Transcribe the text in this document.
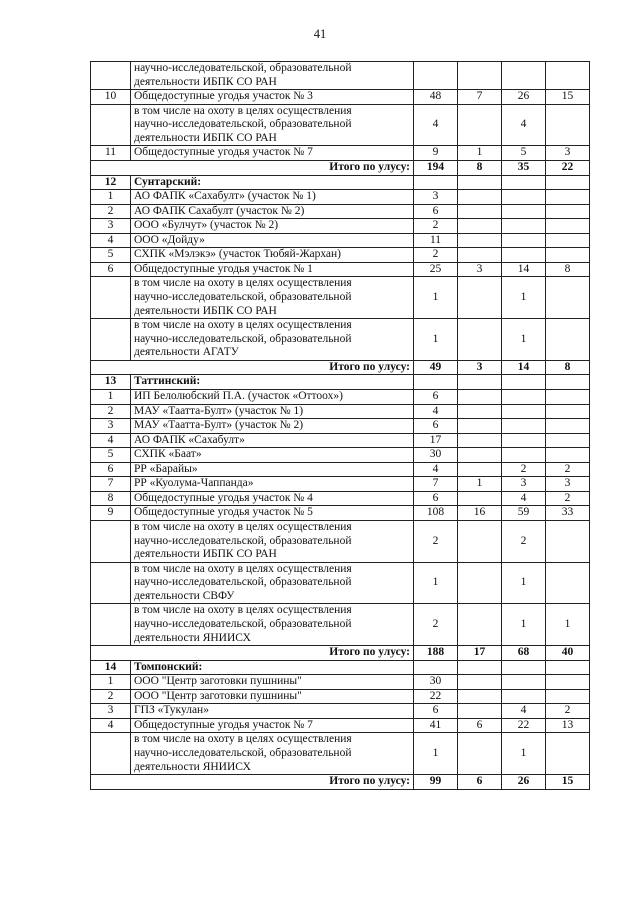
41
	научно-исследовательской, образовательной
деятельности ИБПК СО РАН				
10	Общедоступные угодья участок № 3	48	7	26	15
	в том числе на охоту в целях осуществления
научно-исследовательской, образовательной
деятельности ИБПК СО РАН	4		4	
11	Общедоступные угодья участок № 7	9	1	5	3
Итого по улусу:		194	8	35	22
12	Сунтарский:				
1	АО ФАПК «Сахабулт» (участок № 1)	3			
2	АО ФАПК Сахабулт (участок № 2)	6			
3	ООО «Булчут» (участок № 2)	2			
4	ООО «Дойду»	11			
5	СХПК «Мэлэкэ» (участок Тюбяй-Жархан)	2			
6	Общедоступные угодья участок № 1	25	3	14	8
	в том числе на охоту в целях осуществления
научно-исследовательской, образовательной
деятельности ИБПК СО РАН	1		1	
	в том числе на охоту в целях осуществления
научно-исследовательской, образовательной
деятельности АГАТУ	1		1	
Итого по улусу:		49	3	14	8
13	Таттинский:				
1	ИП Белолюбский П.А. (участок «Оттоох»)	6			
2	МАУ «Таатта-Булт» (участок № 1)	4			
3	МАУ «Таатта-Булт» (участок № 2)	6			
4	АО ФАПК «Сахабулт»	17			
5	СХПК «Баат»	30			
6	РР «Барайы»	4		2	2
7	РР «Куолума-Чаппанда»	7	1	3	3
8	Общедоступные угодья участок № 4	6		4	2
9	Общедоступные угодья участок № 5	108	16	59	33
	в том числе на охоту в целях осуществления
научно-исследовательской, образовательной
деятельности ИБПК СО РАН	2		2	
	в том числе на охоту в целях осуществления
научно-исследовательской, образовательной
деятельности СВФУ	1		1	
	в том числе на охоту в целях осуществления
научно-исследовательской, образовательной
деятельности ЯНИИСХ	2		1	1
Итого по улусу:		188	17	68	40
14	Томпонский:				
1	ООО "Центр заготовки пушнины"	30			
2	ООО "Центр заготовки пушнины"	22			
3	ГПЗ «Тукулан»	6		4	2
4	Общедоступные угодья участок № 7	41	6	22	13
	в том числе на охоту в целях осуществления
научно-исследовательской, образовательной
деятельности ЯНИИСХ	1		1	
Итого по улусу:		99	6	26	15
